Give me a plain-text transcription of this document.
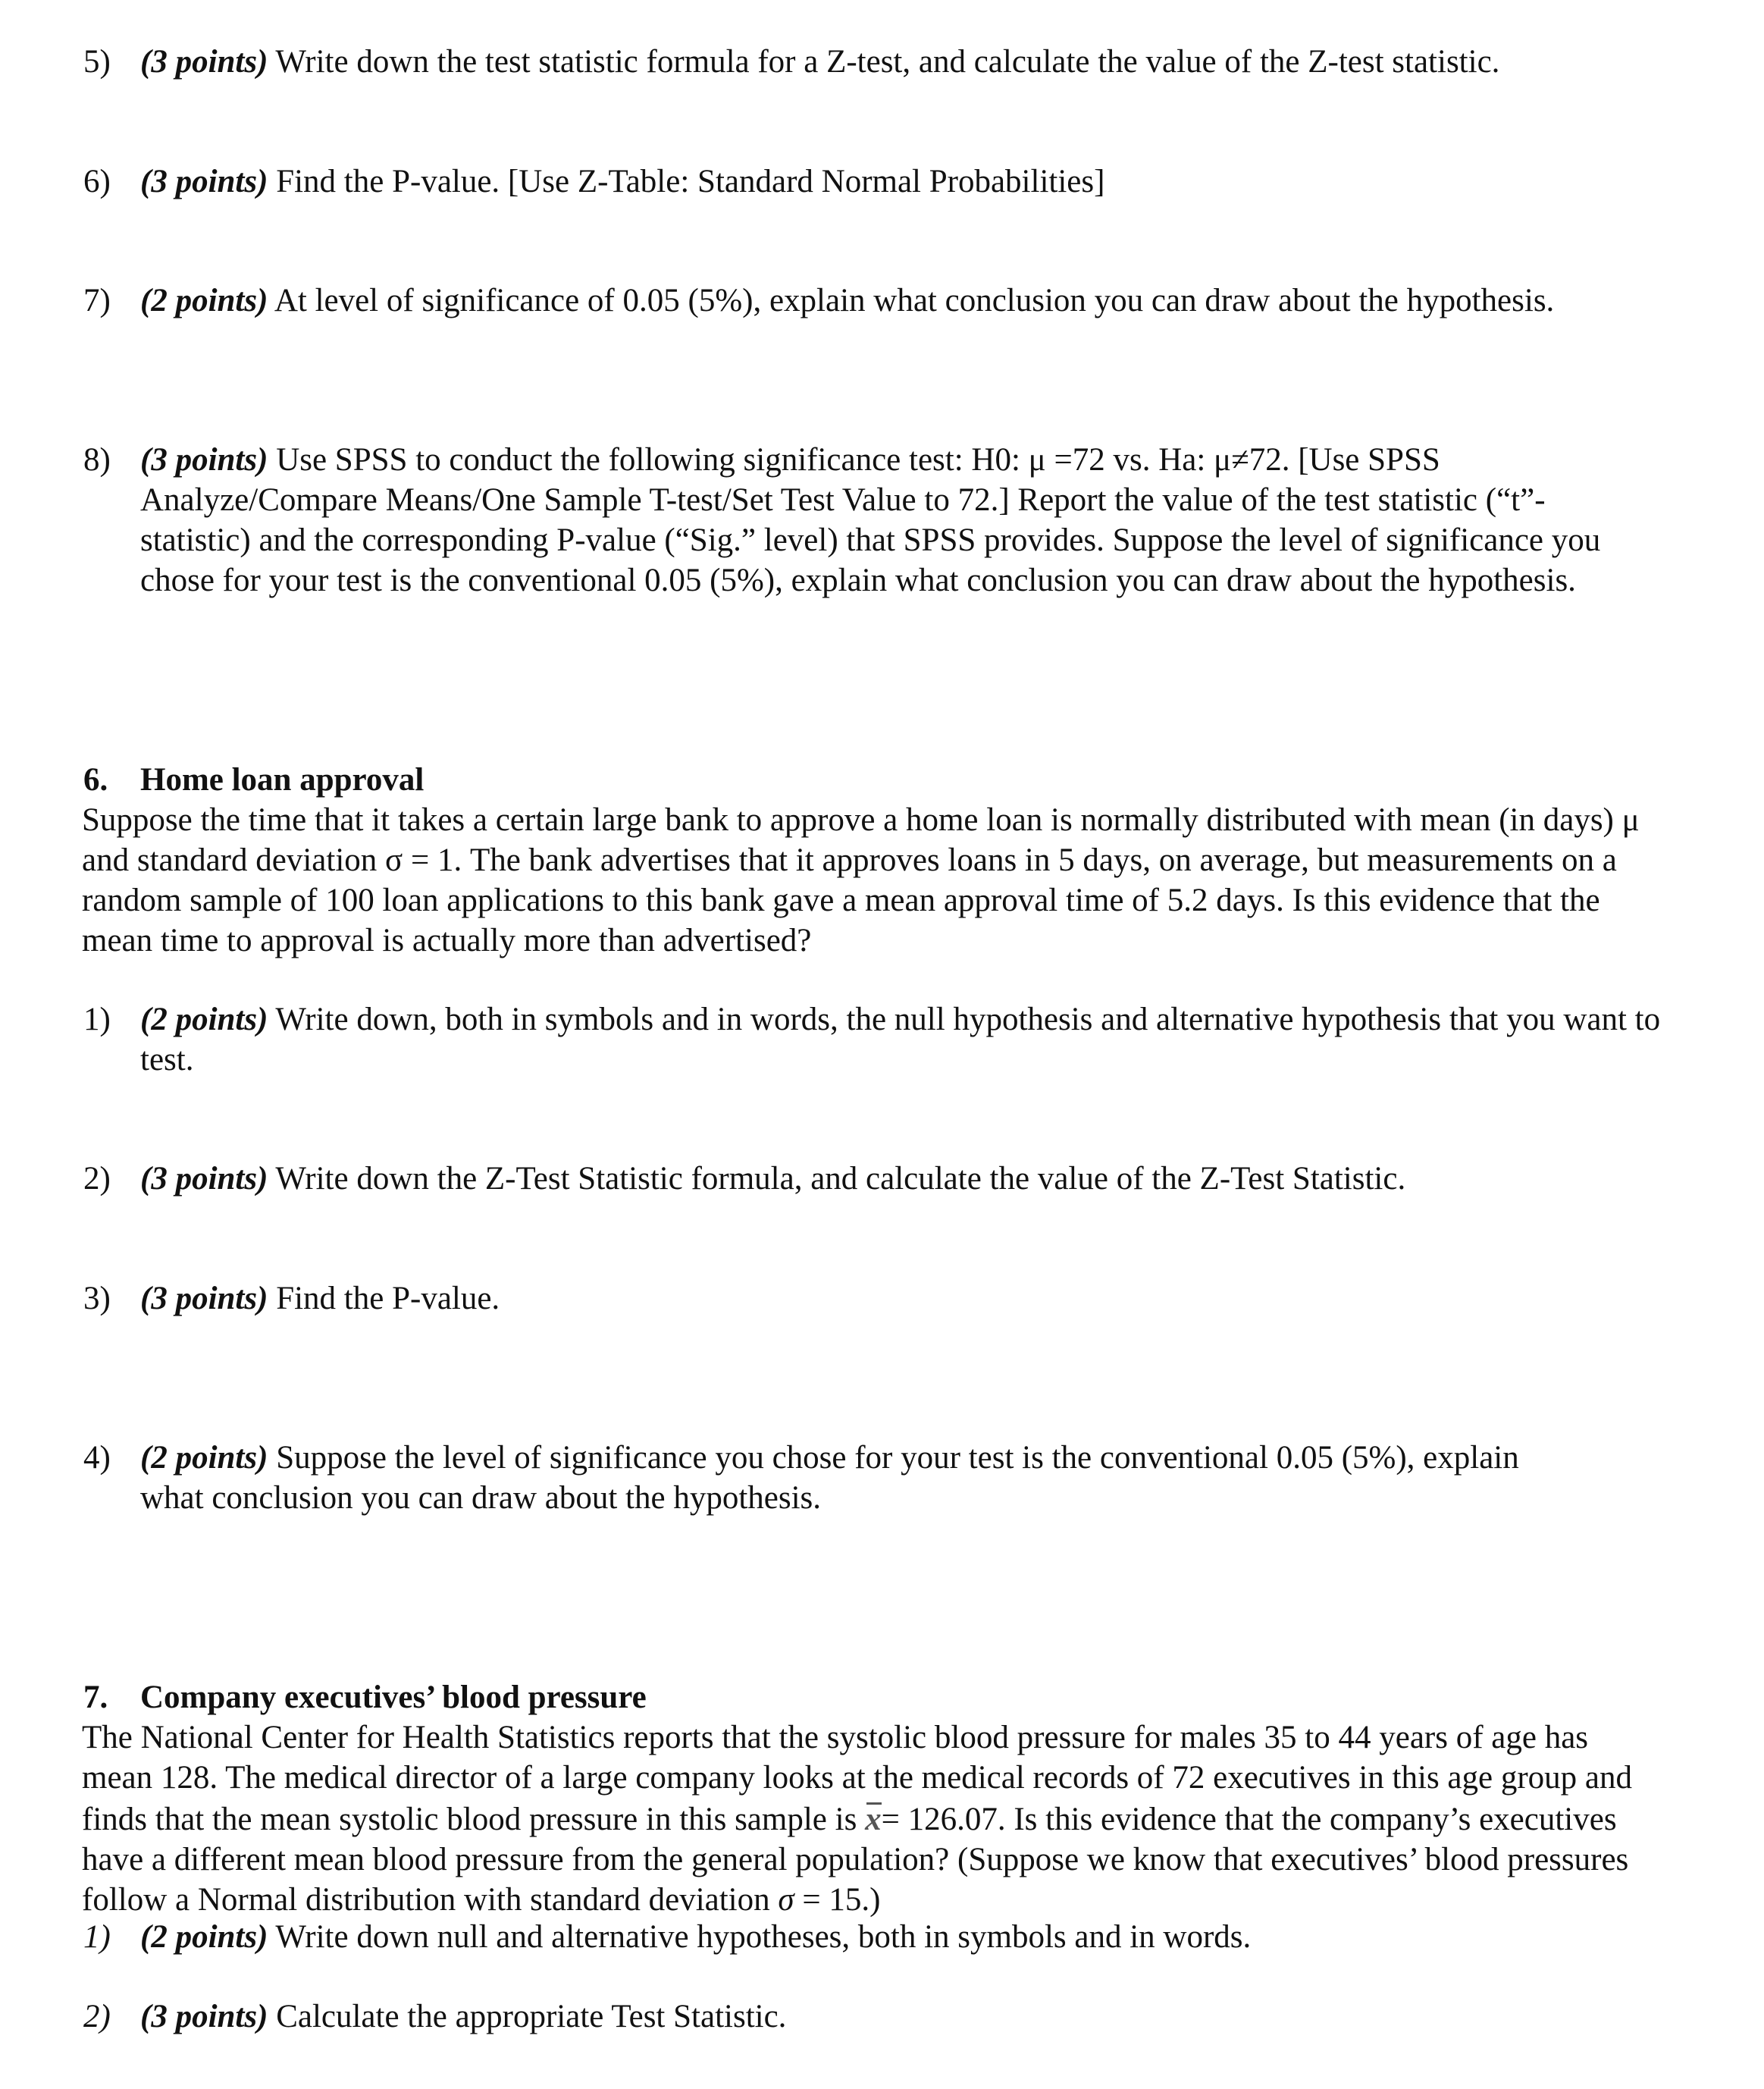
5) (3 points) Write down the test statistic formula for a Z-test, and calculate the value of the Z-test statistic.
6) (3 points) Find the P-value. [Use Z-Table: Standard Normal Probabilities]
7) (2 points) At level of significance of 0.05 (5%), explain what conclusion you can draw about the hypothesis.
8) (3 points) Use SPSS to conduct the following significance test: H0: μ =72 vs. Ha: μ≠72. [Use SPSS Analyze/Compare Means/One Sample T-test/Set Test Value to 72.] Report the value of the test statistic (“t”-statistic) and the corresponding P-value (“Sig.” level) that SPSS provides. Suppose the level of significance you chose for your test is the conventional 0.05 (5%), explain what conclusion you can draw about the hypothesis.
6. Home loan approval
Suppose the time that it takes a certain large bank to approve a home loan is normally distributed with mean (in days) μ and standard deviation σ = 1. The bank advertises that it approves loans in 5 days, on average, but measurements on a random sample of 100 loan applications to this bank gave a mean approval time of 5.2 days. Is this evidence that the mean time to approval is actually more than advertised?
1) (2 points) Write down, both in symbols and in words, the null hypothesis and alternative hypothesis that you want to test.
2) (3 points) Write down the Z-Test Statistic formula, and calculate the value of the Z-Test Statistic.
3) (3 points) Find the P-value.
4) (2 points) Suppose the level of significance you chose for your test is the conventional 0.05 (5%), explain what conclusion you can draw about the hypothesis.
7. Company executives’ blood pressure
The National Center for Health Statistics reports that the systolic blood pressure for males 35 to 44 years of age has mean 128. The medical director of a large company looks at the medical records of 72 executives in this age group and finds that the mean systolic blood pressure in this sample is x= 126.07. Is this evidence that the company’s executives have a different mean blood pressure from the general population? (Suppose we know that executives’ blood pressures follow a Normal distribution with standard deviation σ = 15.)
1) (2 points) Write down null and alternative hypotheses, both in symbols and in words.
2) (3 points) Calculate the appropriate Test Statistic.
